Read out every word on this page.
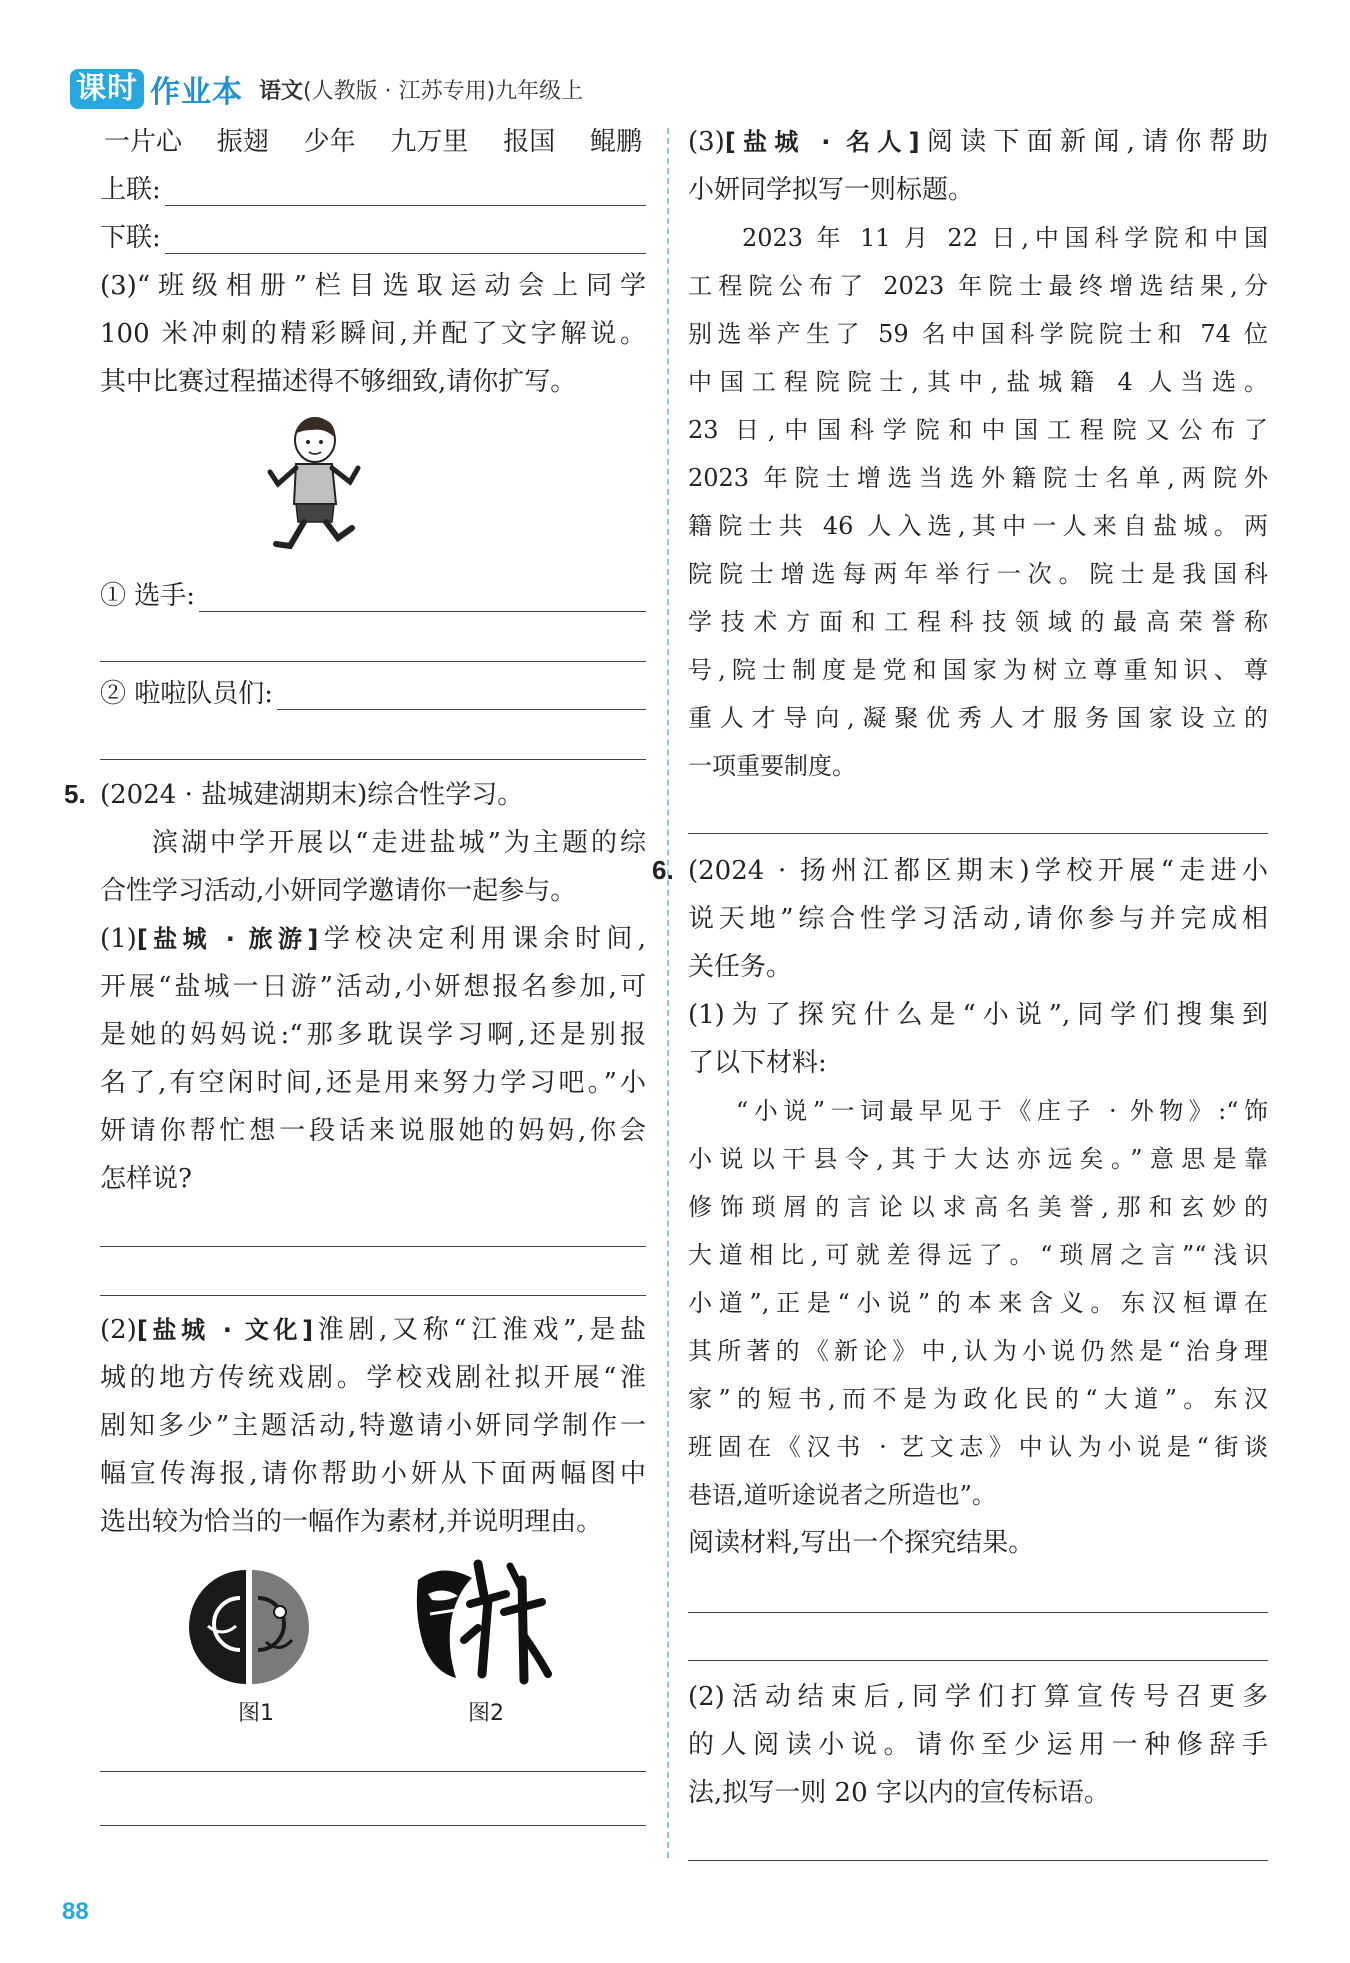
课时 作业本 语文(人教版 · 江苏专用)九年级上
一片心 振翅 少年 九万里 报国 鲲鹏
上联:
下联:
(3)“班级相册”栏目选取运动会上同学
100 米冲刺的精彩瞬间,并配了文字解说。
其中比赛过程描述得不够细致,请你扩写。
① 选手:
② 啦啦队员们:
5. (2024 · 盐城建湖期末)综合性学习。
滨湖中学开展以“走进盐城”为主题的综
合性学习活动,小妍同学邀请你一起参与。
(1)[盐城 · 旅游]学校决定利用课余时间,
开展“盐城一日游”活动,小妍想报名参加,可
是她的妈妈说:“那多耽误学习啊,还是别报
名了,有空闲时间,还是用来努力学习吧。”小
妍请你帮忙想一段话来说服她的妈妈,你会
怎样说?
(2)[盐城 · 文化]淮剧,又称“江淮戏”,是盐
城的地方传统戏剧。学校戏剧社拟开展“淮
剧知多少”主题活动,特邀请小妍同学制作一
幅宣传海报,请你帮助小妍从下面两幅图中
选出较为恰当的一幅作为素材,并说明理由。
图1	图2
(3)[盐城 · 名人]阅读下面新闻,请你帮助
小妍同学拟写一则标题。
2023 年 11 月 22 日,中国科学院和中国
工程院公布了 2023 年院士最终增选结果,分
别选举产生了 59 名中国科学院院士和 74 位
中国工程院院士,其中,盐城籍 4 人当选。
23 日,中国科学院和中国工程院又公布了
2023 年院士增选当选外籍院士名单,两院外
籍院士共 46 人入选,其中一人来自盐城。两
院院士增选每两年举行一次。院士是我国科
学技术方面和工程科技领域的最高荣誉称
号,院士制度是党和国家为树立尊重知识、尊
重人才导向,凝聚优秀人才服务国家设立的
一项重要制度。
6. (2024 · 扬州江都区期末)学校开展“走进小
说天地”综合性学习活动,请你参与并完成相
关任务。
(1)为了探究什么是“小说”,同学们搜集到
了以下材料:
“小说”一词最早见于《庄子 · 外物》:“饰
小说以干县令,其于大达亦远矣。”意思是靠
修饰琐屑的言论以求高名美誉,那和玄妙的
大道相比,可就差得远了。“琐屑之言”“浅识
小道”,正是“小说”的本来含义。东汉桓谭在
其所著的《新论》中,认为小说仍然是“治身理
家”的短书,而不是为政化民的“大道”。东汉
班固在《汉书 · 艺文志》中认为小说是“街谈
巷语,道听途说者之所造也”。
阅读材料,写出一个探究结果。
(2)活动结束后,同学们打算宣传号召更多
的人阅读小说。请你至少运用一种修辞手
法,拟写一则 20 字以内的宣传标语。
88
